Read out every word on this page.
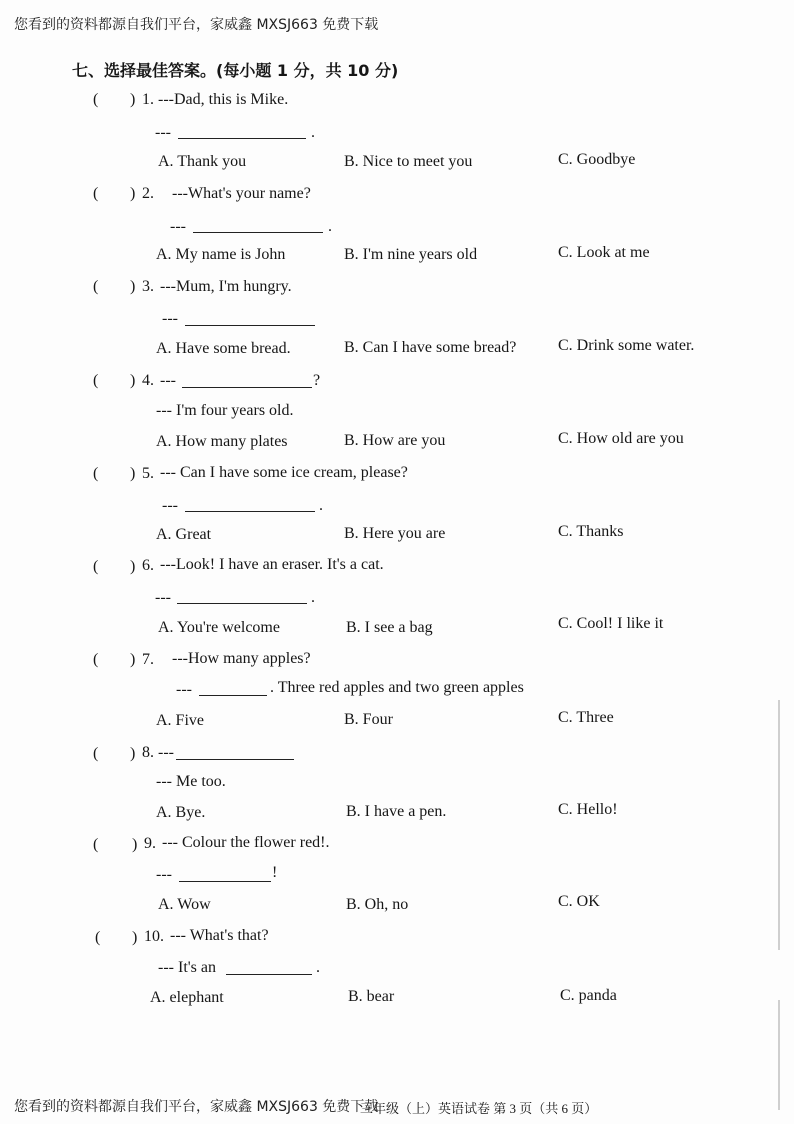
您看到的资料都源自我们平台，家威鑫 MXSJ663 免费下载
七、选择最佳答案。(每小题 1 分，共 10 分)
( ) 1. ---Dad, this is Mike.
---	.
A. Thank you	B. Nice to meet you	C. Goodbye
( ) 2. ---What's your name?
---	.
A. My name is John	B. I'm nine years old	C. Look at me
( ) 3. ---Mum, I'm hungry.
---
A. Have some bread.	B. Can I have some bread?	C. Drink some water.
( ) 4. ---	?
--- I'm four years old.
A. How many plates	B. How are you	C. How old are you
( ) 5. --- Can I have some ice cream, please?
---	.
A. Great	B. Here you are	C. Thanks
( ) 6. ---Look! I have an eraser. It's a cat.
---	.
A. You're welcome	B. I see a bag	C. Cool! I like it
( ) 7. ---How many apples?
---	. Three red apples and two green apples
A. Five	B. Four	C. Three
( ) 8. ---
--- Me too.
A. Bye.	B. I have a pen.	C. Hello!
( ) 9. --- Colour the flower red!.
---	!
A. Wow	B. Oh, no	C. OK
( ) 10. --- What's that?
--- It's an	.
A. elephant	B. bear	C. panda
您看到的资料都源自我们平台，家威鑫 MXSJ663 免费下载
三年级（上）英语试卷 第 3 页（共 6 页）
